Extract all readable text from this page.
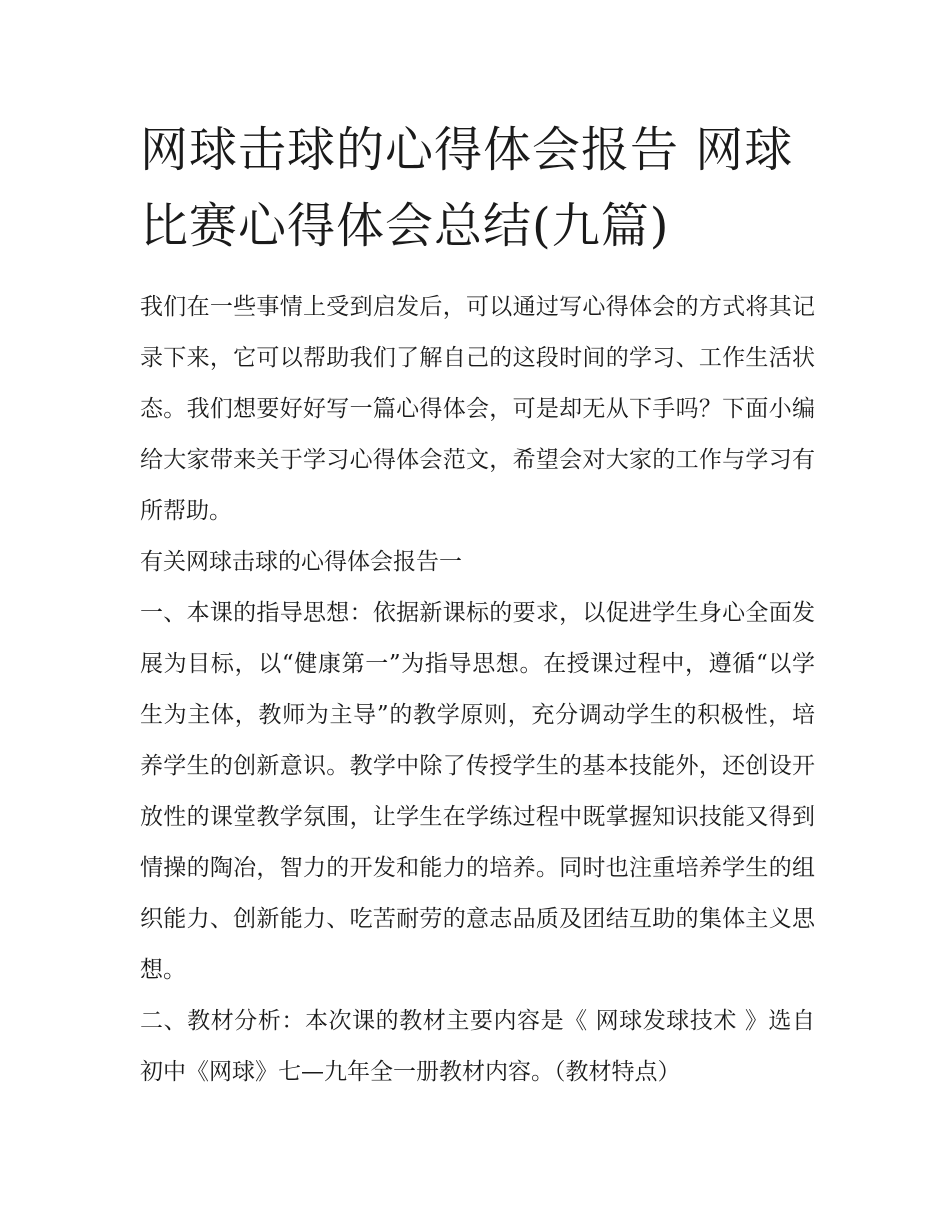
网球击球的心得体会报告 网球比赛心得体会总结(九篇)

我们在一些事情上受到启发后，可以通过写心得体会的方式将其记录下来，它可以帮助我们了解自己的这段时间的学习、工作生活状态。我们想要好好写一篇心得体会，可是却无从下手吗？下面小编给大家带来关于学习心得体会范文，希望会对大家的工作与学习有所帮助。

有关网球击球的心得体会报告一

一、本课的指导思想：依据新课标的要求，以促进学生身心全面发展为目标，以“健康第一”为指导思想。在授课过程中，遵循“以学生为主体，教师为主导”的教学原则，充分调动学生的积极性，培养学生的创新意识。教学中除了传授学生的基本技能外，还创设开放性的课堂教学氛围，让学生在学练过程中既掌握知识技能又得到情操的陶冶，智力的开发和能力的培养。同时也注重培养学生的组织能力、创新能力、吃苦耐劳的意志品质及团结互助的集体主义思想。

二、教材分析：本次课的教材主要内容是《 网球发球技术 》选自初中《网球》七—九年全一册教材内容。（教材特点）
